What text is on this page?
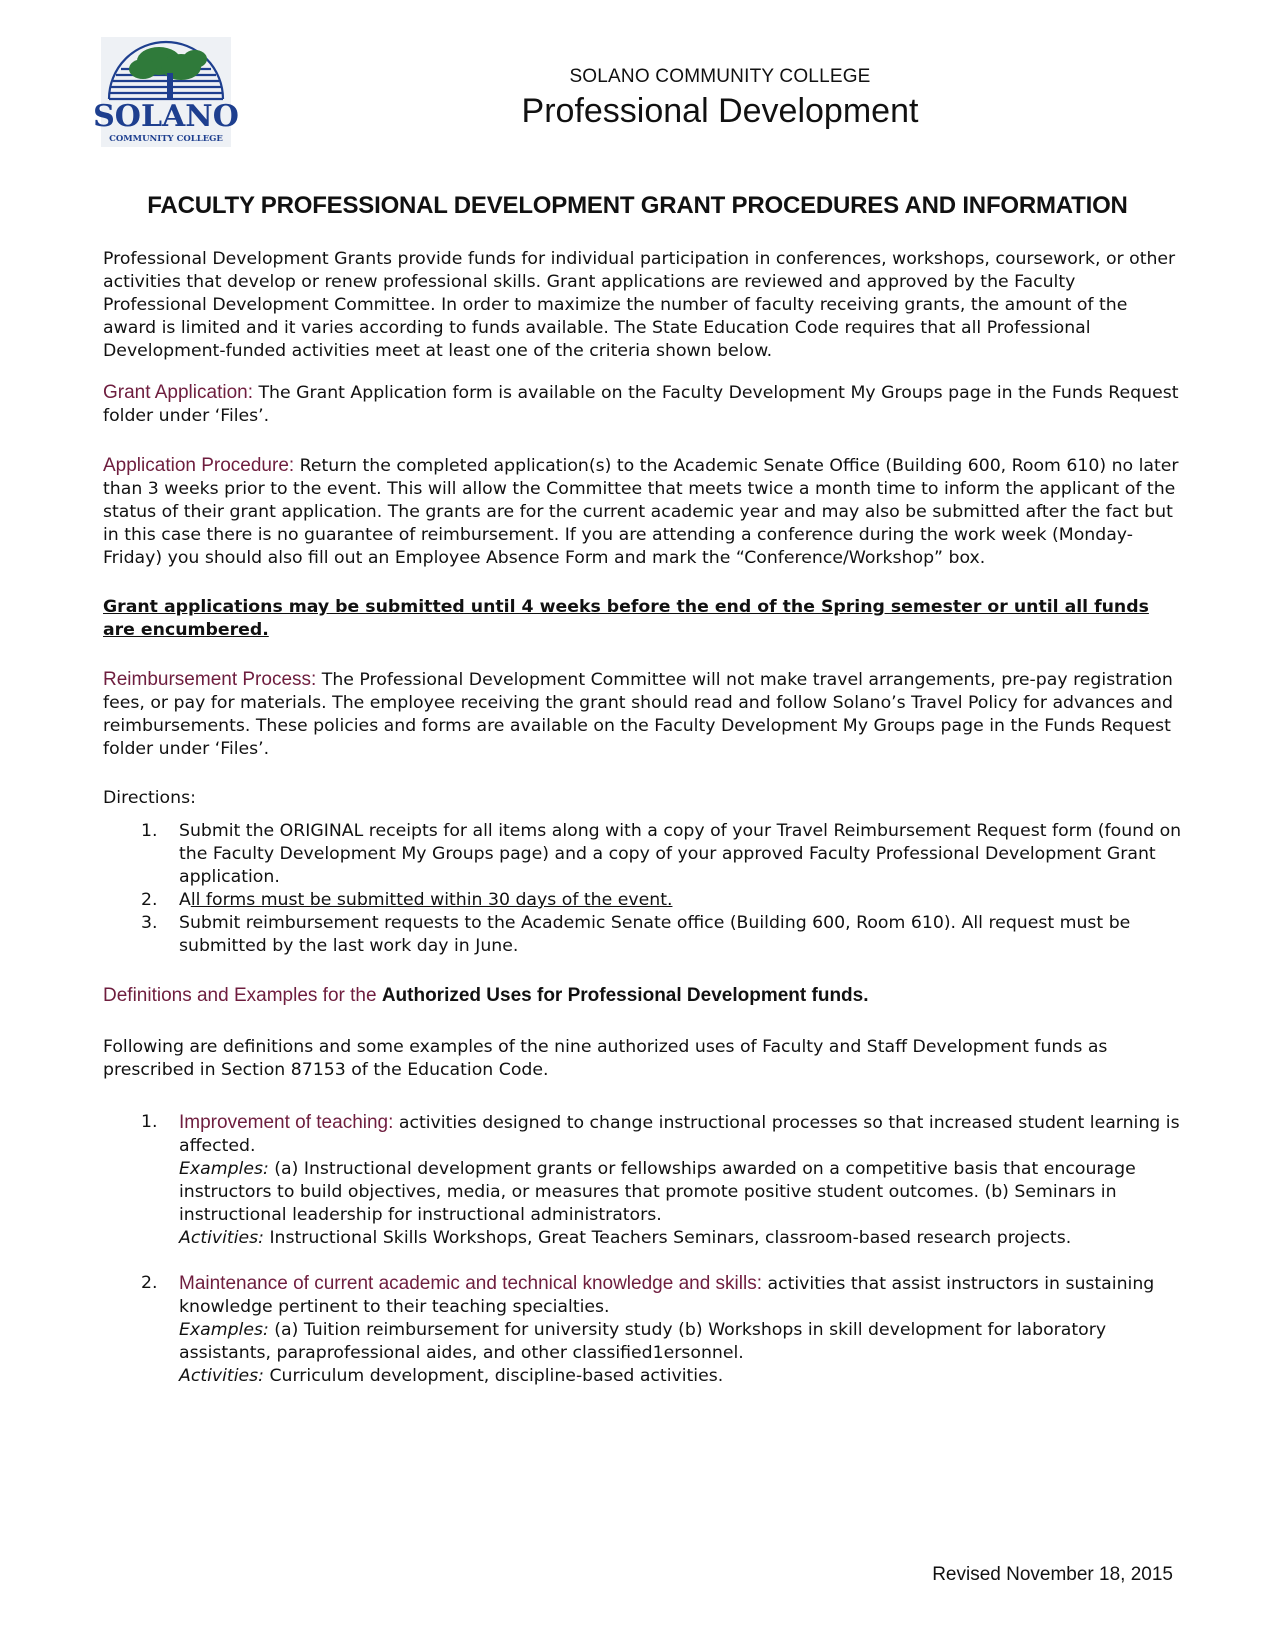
SOLANO
COMMUNITY COLLEGE
SOLANO COMMUNITY COLLEGE
Professional Development
FACULTY PROFESSIONAL DEVELOPMENT GRANT PROCEDURES AND INFORMATION

Professional Development Grants provide funds for individual participation in conferences, workshops, coursework, or other activities that develop or renew professional skills. Grant applications are reviewed and approved by the Faculty Professional Development Committee. In order to maximize the number of faculty receiving grants, the amount of the award is limited and it varies according to funds available. The State Education Code requires that all Professional Development-funded activities meet at least one of the criteria shown below.

Grant Application: The Grant Application form is available on the Faculty Development My Groups page in the Funds Request folder under ‘Files’.

Application Procedure: Return the completed application(s) to the Academic Senate Office (Building 600, Room 610) no later than 3 weeks prior to the event. This will allow the Committee that meets twice a month time to inform the applicant of the status of their grant application. The grants are for the current academic year and may also be submitted after the fact but in this case there is no guarantee of reimbursement. If you are attending a conference during the work week (Monday-Friday) you should also fill out an Employee Absence Form and mark the “Conference/Workshop” box.

Grant applications may be submitted until 4 weeks before the end of the Spring semester or until all funds are encumbered.

Reimbursement Process: The Professional Development Committee will not make travel arrangements, pre-pay registration fees, or pay for materials. The employee receiving the grant should read and follow Solano’s Travel Policy for advances and reimbursements. These policies and forms are available on the Faculty Development My Groups page in the Funds Request folder under ‘Files’.

Directions:

1. Submit the ORIGINAL receipts for all items along with a copy of your Travel Reimbursement Request form (found on the Faculty Development My Groups page) and a copy of your approved Faculty Professional Development Grant application.
2. All forms must be submitted within 30 days of the event.
3. Submit reimbursement requests to the Academic Senate office (Building 600, Room 610). All request must be submitted by the last work day in June.

Definitions and Examples for the Authorized Uses for Professional Development funds.

Following are definitions and some examples of the nine authorized uses of Faculty and Staff Development funds as prescribed in Section 87153 of the Education Code.

1. Improvement of teaching: activities designed to change instructional processes so that increased student learning is affected.
Examples: (a) Instructional development grants or fellowships awarded on a competitive basis that encourage instructors to build objectives, media, or measures that promote positive student outcomes. (b) Seminars in instructional leadership for instructional administrators.
Activities: Instructional Skills Workshops, Great Teachers Seminars, classroom-based research projects.
2. Maintenance of current academic and technical knowledge and skills: activities that assist instructors in sustaining knowledge pertinent to their teaching specialties.
Examples: (a) Tuition reimbursement for university study (b) Workshops in skill development for laboratory assistants, paraprofessional aides, and other classified1ersonnel.
Activities: Curriculum development, discipline-based activities.
Revised November 18, 2015
